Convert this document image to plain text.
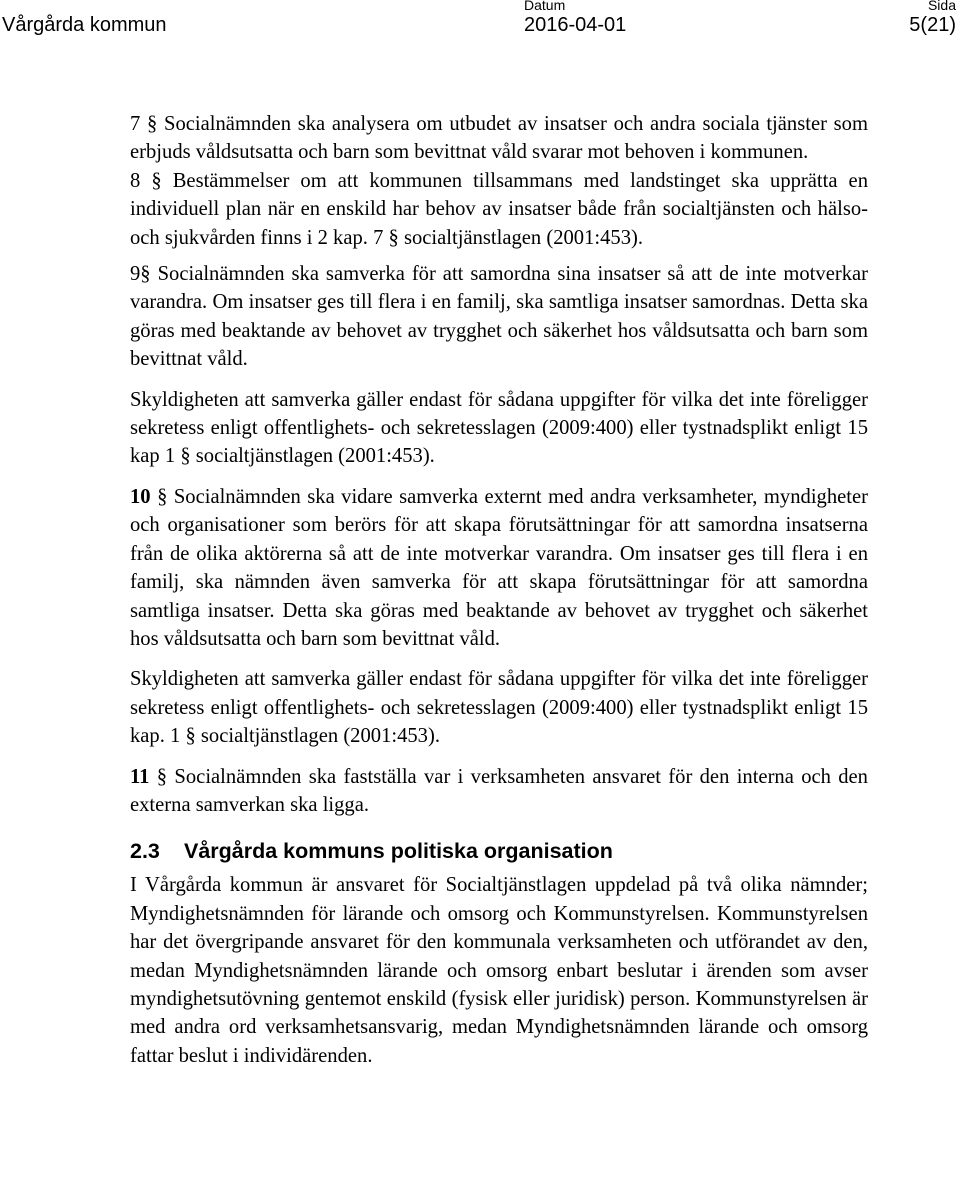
Vårgårda kommun
Datum
2016-04-01
Sida
5(21)

7 § Socialnämnden ska analysera om utbudet av insatser och andra sociala tjänster som erbjuds våldsutsatta och barn som bevittnat våld svarar mot behoven i kommunen.

8 § Bestämmelser om att kommunen tillsammans med landstinget ska upprätta en individuell plan när en enskild har behov av insatser både från socialtjänsten och hälso- och sjukvården finns i 2 kap. 7 § socialtjänstlagen (2001:453).

9§ Socialnämnden ska samverka för att samordna sina insatser så att de inte motverkar varandra. Om insatser ges till flera i en familj, ska samtliga insatser samordnas. Detta ska göras med beaktande av behovet av trygghet och säkerhet hos våldsutsatta och barn som bevittnat våld.

Skyldigheten att samverka gäller endast för sådana uppgifter för vilka det inte föreligger sekretess enligt offentlighets- och sekretesslagen (2009:400) eller tystnadsplikt enligt 15 kap 1 § socialtjänstlagen (2001:453).

10 § Socialnämnden ska vidare samverka externt med andra verksamheter, myndigheter och organisationer som berörs för att skapa förutsättningar för att samordna insatserna från de olika aktörerna så att de inte motverkar varandra. Om insatser ges till flera i en familj, ska nämnden även samverka för att skapa förutsättningar för att samordna samtliga insatser. Detta ska göras med beaktande av behovet av trygghet och säkerhet hos våldsutsatta och barn som bevittnat våld.

Skyldigheten att samverka gäller endast för sådana uppgifter för vilka det inte föreligger sekretess enligt offentlighets- och sekretesslagen (2009:400) eller tystnadsplikt enligt 15 kap. 1 § socialtjänstlagen (2001:453).

11 § Socialnämnden ska fastställa var i verksamheten ansvaret för den interna och den externa samverkan ska ligga.

2.3 Vårgårda kommuns politiska organisation

I Vårgårda kommun är ansvaret för Socialtjänstlagen uppdelad på två olika nämnder; Myndighetsnämnden för lärande och omsorg och Kommunstyrelsen. Kommunstyrelsen har det övergripande ansvaret för den kommunala verksamheten och utförandet av den, medan Myndighetsnämnden lärande och omsorg enbart beslutar i ärenden som avser myndighetsutövning gentemot enskild (fysisk eller juridisk) person. Kommunstyrelsen är med andra ord verksamhetsansvarig, medan Myndighetsnämnden lärande och omsorg fattar beslut i individärenden.
